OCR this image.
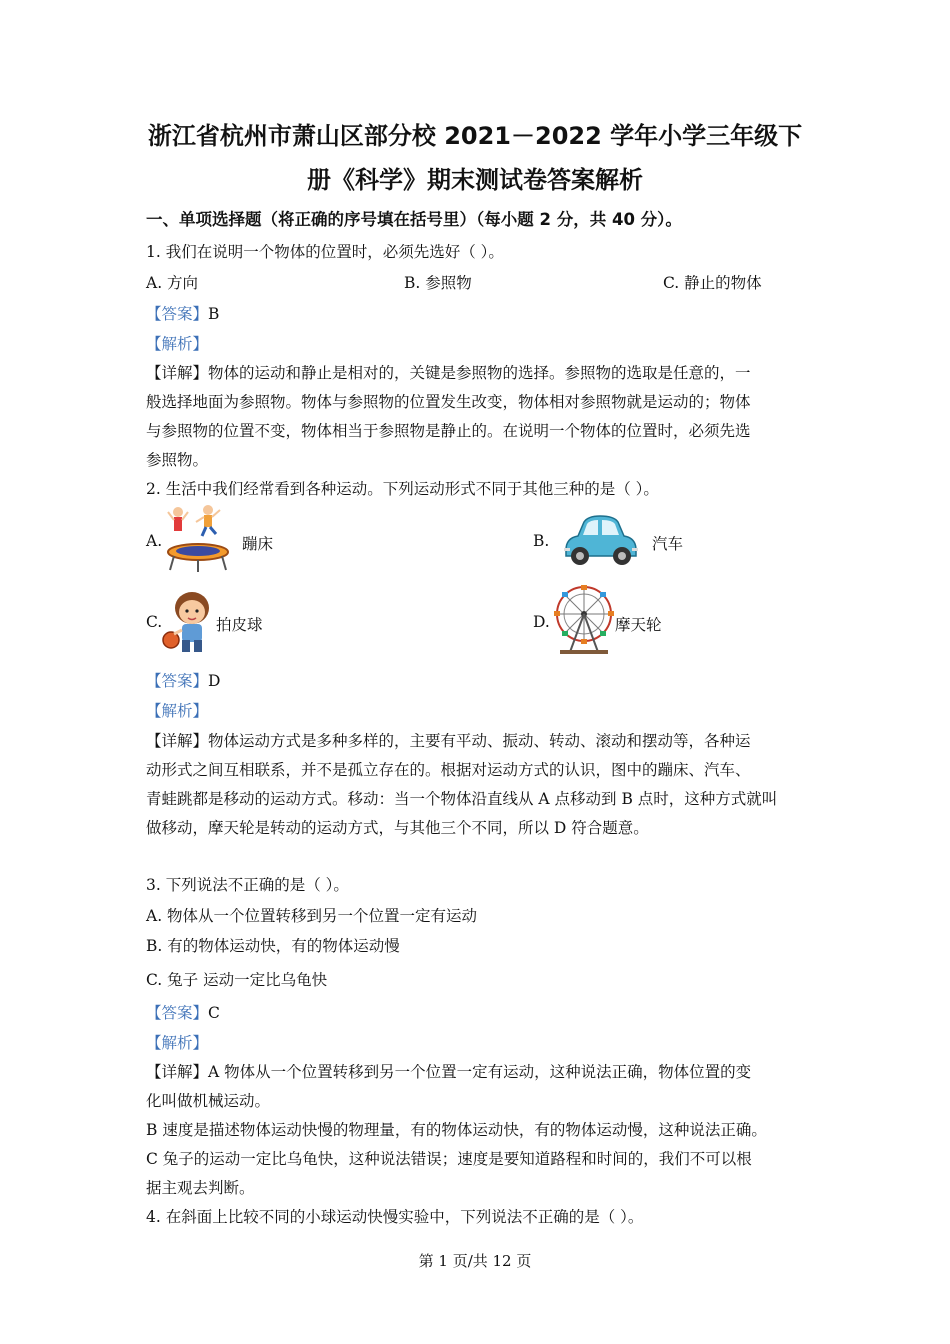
浙江省杭州市萧山区部分校 2021－2022 学年小学三年级下
册《科学》期末测试卷答案解析
一、单项选择题（将正确的序号填在括号里）（每小题 2 分，共 40 分）。
1. 我们在说明一个物体的位置时，必须先选好（ ）。
A. 方向	B. 参照物	C. 静止的物体
【答案】B
【解析】
【详解】物体的运动和静止是相对的，关键是参照物的选择。参照物的选取是任意的，一
般选择地面为参照物。物体与参照物的位置发生改变，物体相对参照物就是运动的；物体
与参照物的位置不变，物体相当于参照物是静止的。在说明一个物体的位置时，必须先选
参照物。
2. 生活中我们经常看到各种运动。下列运动形式不同于其他三种的是（ ）。
A.	蹦床	B.	汽车
C.	拍皮球	D.	摩天轮
【答案】D
【解析】
【详解】物体运动方式是多种多样的，主要有平动、振动、转动、滚动和摆动等，各种运
动形式之间互相联系，并不是孤立存在的。根据对运动方式的认识，图中的蹦床、汽车、
青蛙跳都是移动的运动方式。移动：当一个物体沿直线从 A 点移动到 B 点时，这种方式就叫
做移动，摩天轮是转动的运动方式，与其他三个不同，所以 D 符合题意。
3. 下列说法不正确的是（ ）。
A. 物体从一个位置转移到另一个位置一定有运动
B. 有的物体运动快，有的物体运动慢
C. 兔子 运动一定比乌龟快
【答案】C
【解析】
【详解】A 物体从一个位置转移到另一个位置一定有运动，这种说法正确，物体位置的变
化叫做机械运动。
B 速度是描述物体运动快慢的物理量，有的物体运动快，有的物体运动慢，这种说法正确。
C 兔子的运动一定比乌龟快，这种说法错误；速度是要知道路程和时间的，我们不可以根
据主观去判断。
4. 在斜面上比较不同的小球运动快慢实验中，下列说法不正确的是（ ）。
第 1 页/共 12 页
